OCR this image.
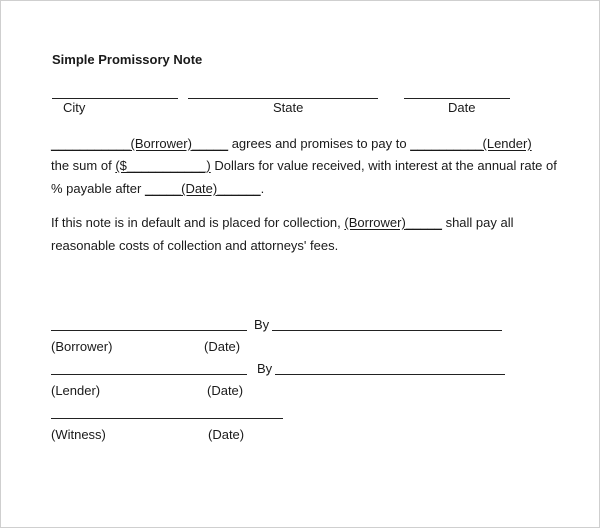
Simple Promissory Note
City	State	Date
___________(Borrower)_____ agrees and promises to pay to __________(Lender)
the sum of ($___________) Dollars for value received, with interest at the annual rate of
% payable after _____(Date)______.
If this note is in default and is placed for collection, (Borrower)_____ shall pay all
reasonable costs of collection and attorneys' fees.
By
(Borrower)	(Date)
By
(Lender)	(Date)
(Witness)	(Date)
